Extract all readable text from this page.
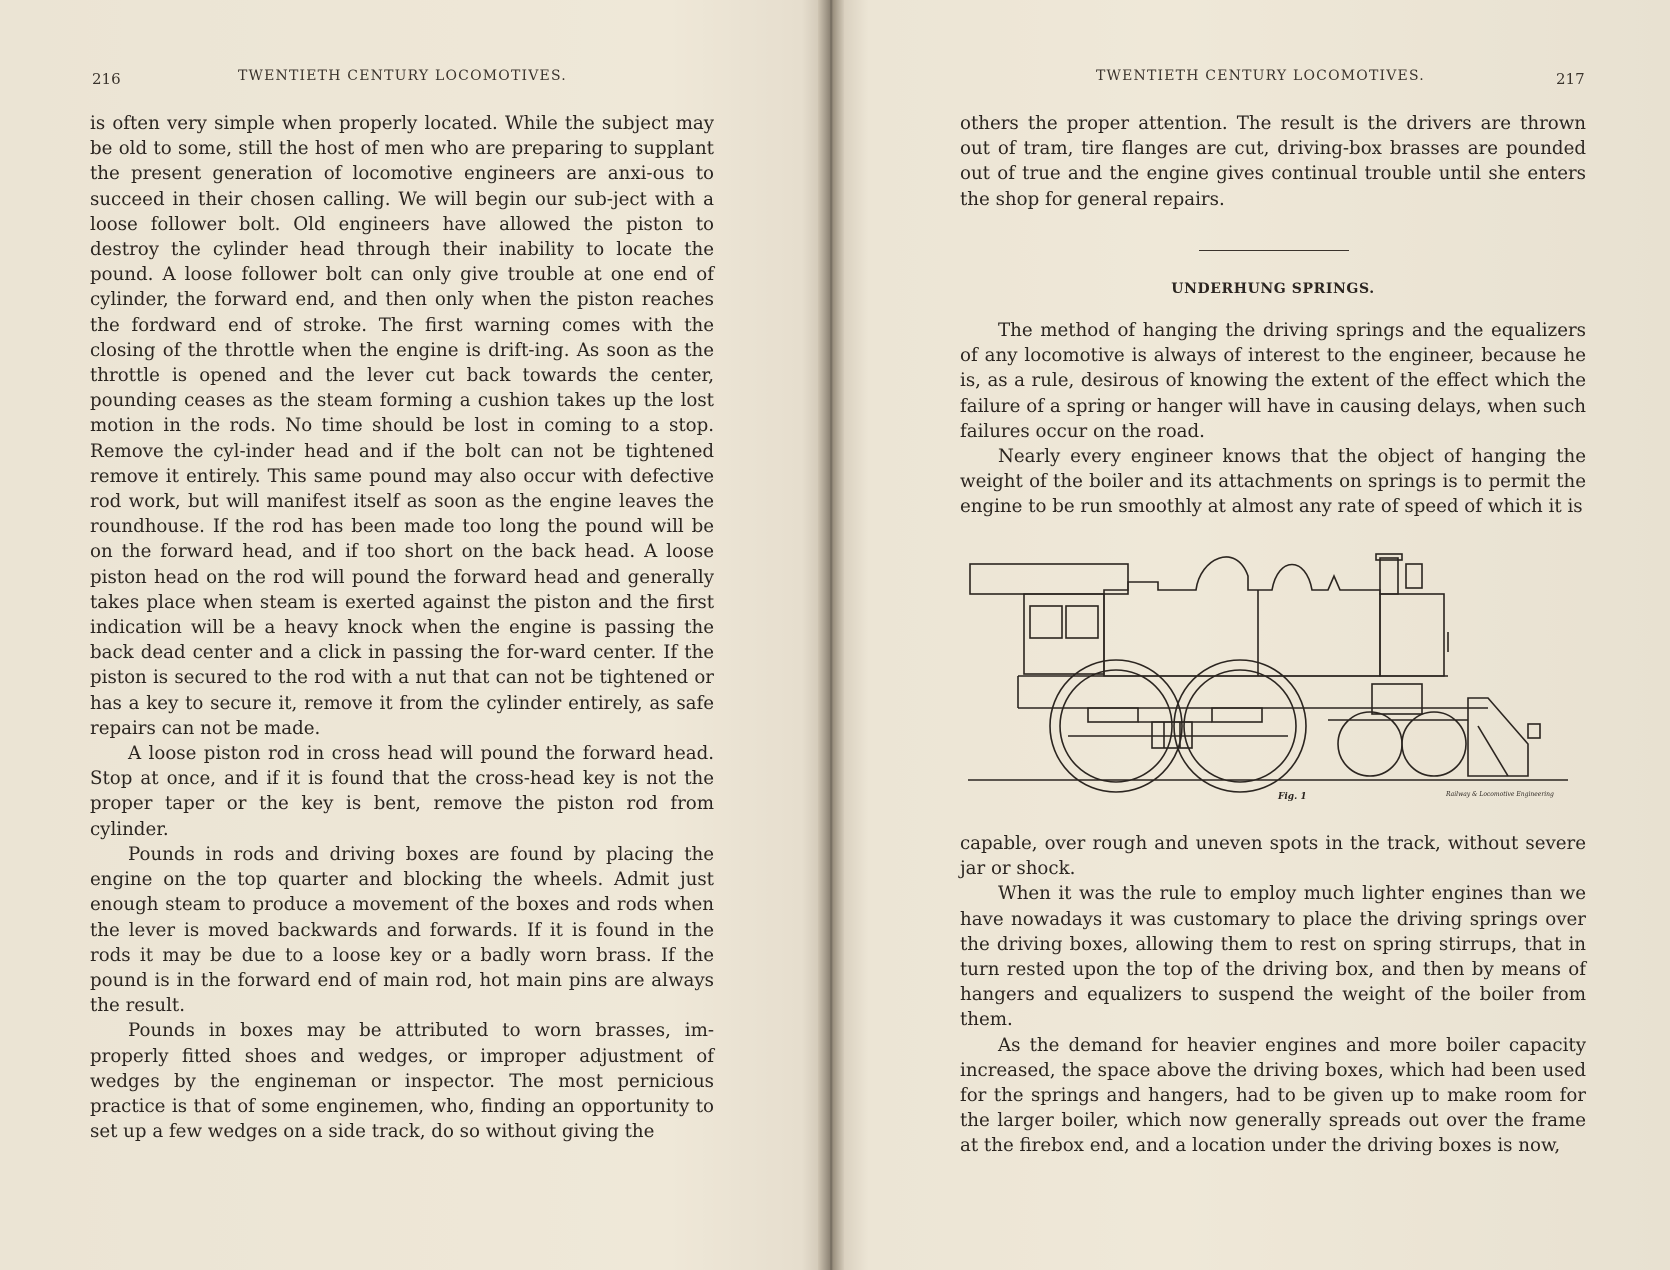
216	TWENTIETH CENTURY LOCOMOTIVES.

is often very simple when properly located. While the subject may be old to some, still the host of men who are preparing to supplant the present generation of locomotive engineers are anxi-ous to succeed in their chosen calling. We will begin our sub-ject with a loose follower bolt. Old engineers have allowed the piston to destroy the cylinder head through their inability to locate the pound. A loose follower bolt can only give trouble at one end of cylinder, the forward end, and then only when the piston reaches the fordward end of stroke. The first warning comes with the closing of the throttle when the engine is drift-ing. As soon as the throttle is opened and the lever cut back towards the center, pounding ceases as the steam forming a cushion takes up the lost motion in the rods. No time should be lost in coming to a stop. Remove the cyl-inder head and if the bolt can not be tightened remove it entirely. This same pound may also occur with defective rod work, but will manifest itself as soon as the engine leaves the roundhouse. If the rod has been made too long the pound will be on the forward head, and if too short on the back head. A loose piston head on the rod will pound the forward head and generally takes place when steam is exerted against the piston and the first indication will be a heavy knock when the engine is passing the back dead center and a click in passing the for-ward center. If the piston is secured to the rod with a nut that can not be tightened or has a key to secure it, remove it from the cylinder entirely, as safe repairs can not be made.

A loose piston rod in cross head will pound the forward head. Stop at once, and if it is found that the cross-head key is not the proper taper or the key is bent, remove the piston rod from cylinder.

Pounds in rods and driving boxes are found by placing the engine on the top quarter and blocking the wheels. Admit just enough steam to produce a movement of the boxes and rods when the lever is moved backwards and forwards. If it is found in the rods it may be due to a loose key or a badly worn brass. If the pound is in the forward end of main rod, hot main pins are always the result.

Pounds in boxes may be attributed to worn brasses, im-properly fitted shoes and wedges, or improper adjustment of wedges by the engineman or inspector. The most pernicious practice is that of some enginemen, who, finding an opportunity to set up a few wedges on a side track, do so without giving the

TWENTIETH CENTURY LOCOMOTIVES.	217

others the proper attention. The result is the drivers are thrown out of tram, tire flanges are cut, driving-box brasses are pounded out of true and the engine gives continual trouble until she enters the shop for general repairs.

UNDERHUNG SPRINGS.

The method of hanging the driving springs and the equalizers of any locomotive is always of interest to the engineer, because he is, as a rule, desirous of knowing the extent of the effect which the failure of a spring or hanger will have in causing delays, when such failures occur on the road.

Nearly every engineer knows that the object of hanging the weight of the boiler and its attachments on springs is to permit the engine to be run smoothly at almost any rate of speed of which it is

Fig. 1	Railway & Locomotive Engineering

capable, over rough and uneven spots in the track, without severe jar or shock.

When it was the rule to employ much lighter engines than we have nowadays it was customary to place the driving springs over the driving boxes, allowing them to rest on spring stirrups, that in turn rested upon the top of the driving box, and then by means of hangers and equalizers to suspend the weight of the boiler from them.

As the demand for heavier engines and more boiler capacity increased, the space above the driving boxes, which had been used for the springs and hangers, had to be given up to make room for the larger boiler, which now generally spreads out over the frame at the firebox end, and a location under the driving boxes is now,
